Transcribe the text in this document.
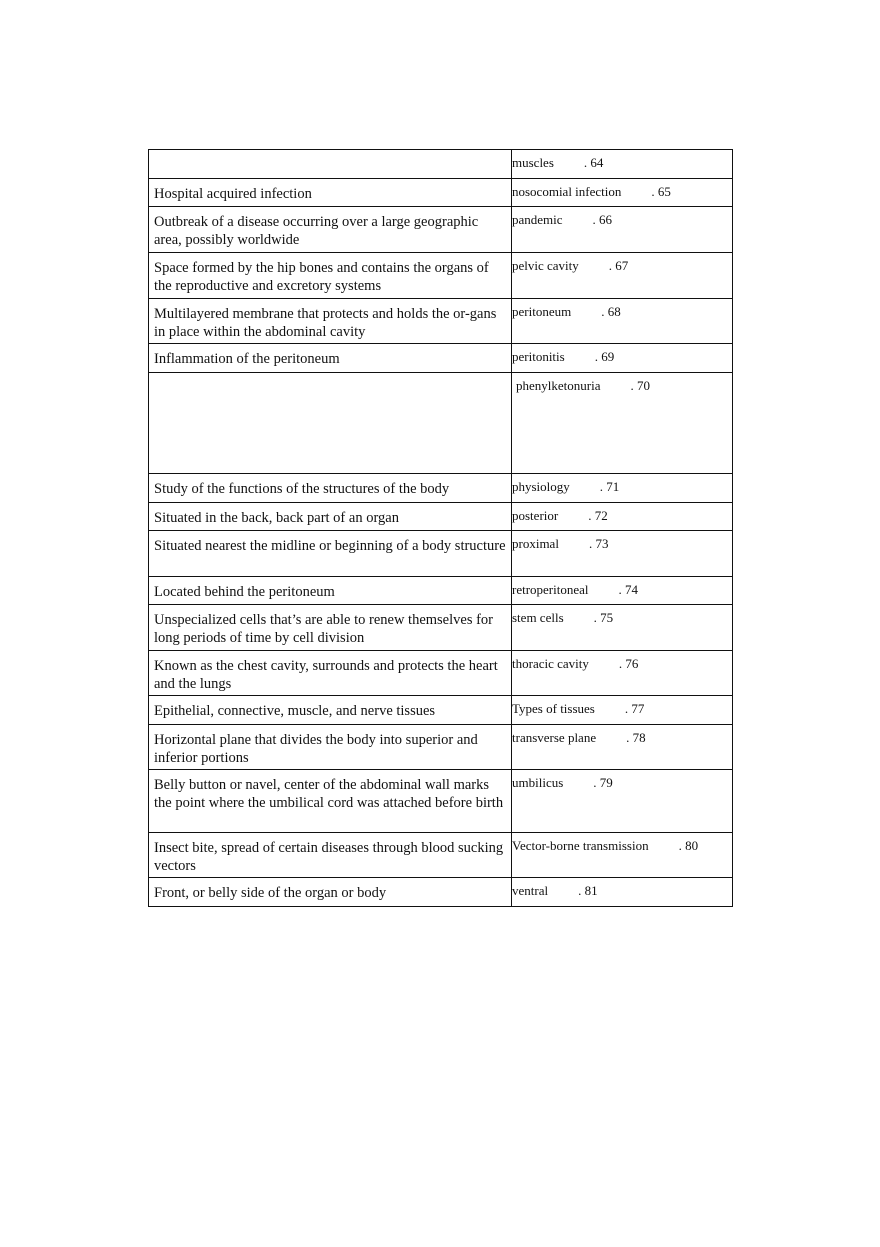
	muscles . 64
Hospital acquired infection	nosocomial infection . 65
Outbreak of a disease occurring over a large geographic area, possibly worldwide	pandemic . 66
Space formed by the hip bones and contains the organs of the reproductive and excretory systems	pelvic cavity . 67
Multilayered membrane that protects and holds the or-gans in place within the abdominal cavity	peritoneum . 68
Inflammation of the peritoneum	peritonitis . 69
	phenylketonuria . 70
Study of the functions of the structures of the body	physiology . 71
Situated in the back, back part of an organ	posterior . 72
Situated nearest the midline or beginning of a body structure	proximal . 73
Located behind the peritoneum	retroperitoneal . 74
Unspecialized cells that’s are able to renew themselves for long periods of time by cell division	stem cells . 75
Known as the chest cavity, surrounds and protects the heart and the lungs	thoracic cavity . 76
Epithelial, connective, muscle, and nerve tissues	Types of tissues . 77
Horizontal plane that divides the body into superior and inferior portions	transverse plane . 78
Belly button or navel, center of the abdominal wall marks the point where the umbilical cord was attached before birth	umbilicus . 79
Insect bite, spread of certain diseases through blood sucking vectors	Vector-borne transmission . 80
Front, or belly side of the organ or body	ventral . 81
